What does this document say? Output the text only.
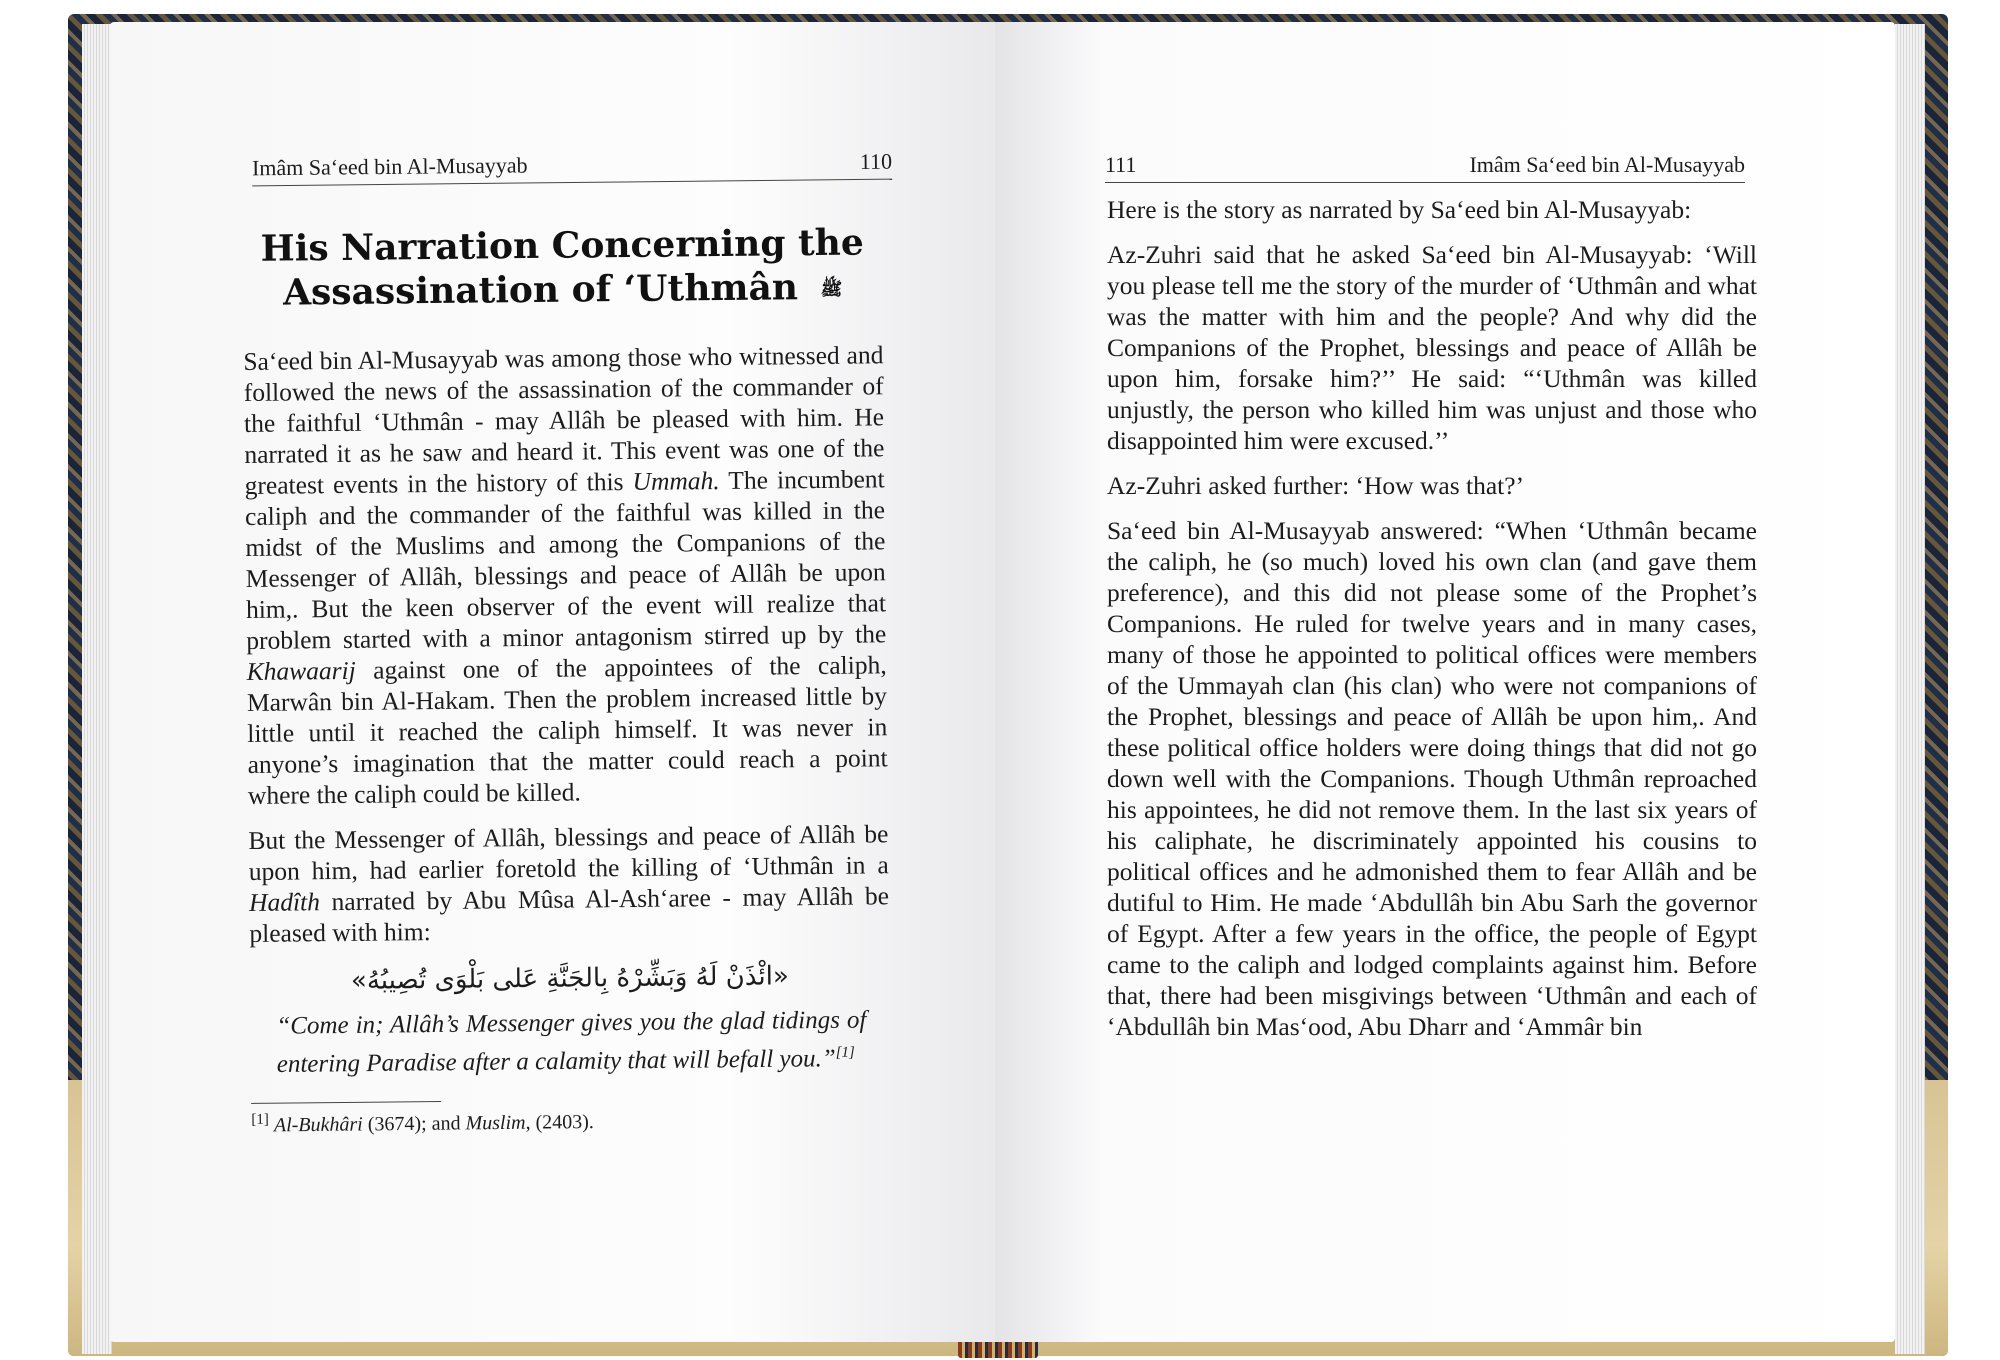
Imâm Sa‘eed bin Al-Musayyab	110
His Narration Concerning the
Assassination of ‘Uthmân ﷺ

Sa‘eed bin Al-Musayyab was among those who witnessed and followed the news of the assassination of the commander of the faithful ‘Uthmân - may Allâh be pleased with him. He narrated it as he saw and heard it. This event was one of the greatest events in the history of this Ummah. The incumbent caliph and the commander of the faithful was killed in the midst of the Muslims and among the Companions of the Messenger of Allâh, blessings and peace of Allâh be upon him,. But the keen observer of the event will realize that problem started with a minor antagonism stirred up by the Khawaarij against one of the appointees of the caliph, Marwân bin Al-Hakam. Then the problem increased little by little until it reached the caliph himself. It was never in anyone’s imagination that the matter could reach a point where the caliph could be killed.

But the Messenger of Allâh, blessings and peace of Allâh be upon him, had earlier foretold the killing of ‘Uthmân in a Hadîth narrated by Abu Mûsa Al-Ash‘aree - may Allâh be pleased with him:

«ائْذَنْ لَهُ وَبَشِّرْهُ بِالجَنَّةِ عَلى بَلْوَى تُصِيبُهُ»

“Come in; Allâh’s Messenger gives you the glad tidings of entering Paradise after a calamity that will befall you.”[1]

[1] Al-Bukhâri (3674); and Muslim, (2403).
111	Imâm Sa‘eed bin Al-Musayyab

Here is the story as narrated by Sa‘eed bin Al-Musayyab:

Az-Zuhri said that he asked Sa‘eed bin Al-Musayyab: ‘Will you please tell me the story of the murder of ‘Uthmân and what was the matter with him and the people? And why did the Companions of the Prophet, blessings and peace of Allâh be upon him, forsake him?’’ He said: “‘Uthmân was killed unjustly, the person who killed him was unjust and those who disappointed him were excused.’’

Az-Zuhri asked further: ‘How was that?’

Sa‘eed bin Al-Musayyab answered: “When ‘Uthmân became the caliph, he (so much) loved his own clan (and gave them preference), and this did not please some of the Prophet’s Companions. He ruled for twelve years and in many cases, many of those he appointed to political offices were members of the Ummayah clan (his clan) who were not companions of the Prophet, blessings and peace of Allâh be upon him,. And these political office holders were doing things that did not go down well with the Companions. Though Uthmân reproached his appointees, he did not remove them. In the last six years of his caliphate, he discriminately appointed his cousins to political offices and he admonished them to fear Allâh and be dutiful to Him. He made ‘Abdullâh bin Abu Sarh the governor of Egypt. After a few years in the office, the people of Egypt came to the caliph and lodged complaints against him. Before that, there had been misgivings between ‘Uthmân and each of ‘Abdullâh bin Mas‘ood, Abu Dharr and ‘Ammâr bin
